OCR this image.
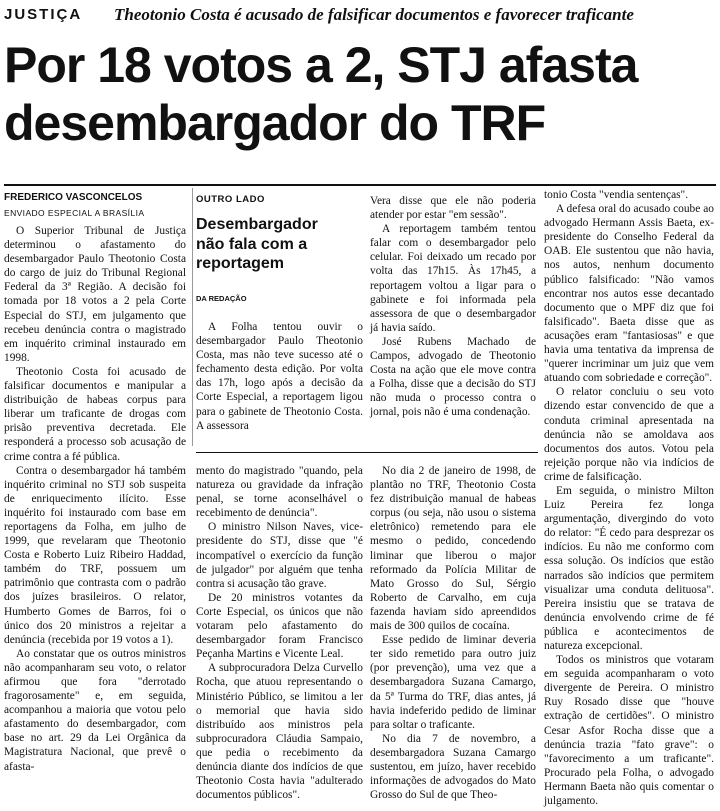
JUSTIÇA Theotonio Costa é acusado de falsificar documentos e favorecer traficante
Por 18 votos a 2, STJ afasta
desembargador do TRF
FREDERICO VASCONCELOS
ENVIADO ESPECIAL A BRASÍLIA
OUTRO LADO
Desembargador não fala com a reportagem
DA REDAÇÃO

O Superior Tribunal de Justiça determinou o afastamento do desembargador Paulo Theotonio Costa do cargo de juiz do Tribunal Regional Federal da 3ª Região. A decisão foi tomada por 18 votos a 2 pela Corte Especial do STJ, em julgamento que recebeu denúncia contra o magistrado em inquérito criminal instaurado em 1998.

Theotonio Costa foi acusado de falsificar documentos e manipular a distribuição de habeas corpus para liberar um traficante de drogas com prisão preventiva decretada. Ele responderá a processo sob acusação de crime contra a fé pública.

Contra o desembargador há também inquérito criminal no STJ sob suspeita de enriquecimento ilícito. Esse inquérito foi instaurado com base em reportagens da Folha, em julho de 1999, que revelaram que Theotonio Costa e Roberto Luiz Ribeiro Haddad, também do TRF, possuem um patrimônio que contrasta com o padrão dos juízes brasileiros. O relator, Humberto Gomes de Barros, foi o único dos 20 ministros a rejeitar a denúncia (recebida por 19 votos a 1).

Ao constatar que os outros ministros não acompanharam seu voto, o relator afirmou que fora "derrotado fragorosamente" e, em seguida, acompanhou a maioria que votou pelo afastamento do desembargador, com base no art. 29 da Lei Orgânica da Magistratura Nacional, que prevê o afasta-

A Folha tentou ouvir o desembargador Paulo Theotonio Costa, mas não teve sucesso até o fechamento desta edição. Por volta das 17h, logo após a decisão da Corte Especial, a reportagem ligou para o gabinete de Theotonio Costa. A assessora

Vera disse que ele não poderia atender por estar "em sessão".

A reportagem também tentou falar com o desembargador pelo celular. Foi deixado um recado por volta das 17h15. Às 17h45, a reportagem voltou a ligar para o gabinete e foi informada pela assessora de que o desembargador já havia saído.

José Rubens Machado de Campos, advogado de Theotonio Costa na ação que ele move contra a Folha, disse que a decisão do STJ não muda o processo contra o jornal, pois não é uma condenação.

mento do magistrado "quando, pela natureza ou gravidade da infração penal, se torne aconselhável o recebimento de denúncia".

O ministro Nilson Naves, vice-presidente do STJ, disse que "é incompatível o exercício da função de julgador" por alguém que tenha contra si acusação tão grave.

De 20 ministros votantes da Corte Especial, os únicos que não votaram pelo afastamento do desembargador foram Francisco Peçanha Martins e Vicente Leal.

A subprocuradora Delza Curvello Rocha, que atuou representando o Ministério Público, se limitou a ler o memorial que havia sido distribuído aos ministros pela subprocuradora Cláudia Sampaio, que pedia o recebimento da denúncia diante dos indícios de que Theotonio Costa havia "adulterado documentos públicos".

No dia 2 de janeiro de 1998, de plantão no TRF, Theotonio Costa fez distribuição manual de habeas corpus (ou seja, não usou o sistema eletrônico) remetendo para ele mesmo o pedido, concedendo liminar que liberou o major reformado da Polícia Militar de Mato Grosso do Sul, Sérgio Roberto de Carvalho, em cuja fazenda haviam sido apreendidos mais de 300 quilos de cocaína.

Esse pedido de liminar deveria ter sido remetido para outro juiz (por prevenção), uma vez que a desembargadora Suzana Camargo, da 5ª Turma do TRF, dias antes, já havia indeferido pedido de liminar para soltar o traficante.

No dia 7 de novembro, a desembargadora Suzana Camargo sustentou, em juízo, haver recebido informações de advogados do Mato Grosso do Sul de que Theo-

tonio Costa "vendia sentenças".

A defesa oral do acusado coube ao advogado Hermann Assis Baeta, ex-presidente do Conselho Federal da OAB. Ele sustentou que não havia, nos autos, nenhum documento público falsificado: "Não vamos encontrar nos autos esse decantado documento que o MPF diz que foi falsificado". Baeta disse que as acusações eram "fantasiosas" e que havia uma tentativa da imprensa de "querer incriminar um juiz que vem atuando com sobriedade e correção".

O relator concluiu o seu voto dizendo estar convencido de que a conduta criminal apresentada na denúncia não se amoldava aos documentos dos autos. Votou pela rejeição porque não via indícios de crime de falsificação.

Em seguida, o ministro Milton Luiz Pereira fez longa argumentação, divergindo do voto do relator: "É cedo para desprezar os indícios. Eu não me conformo com essa solução. Os indícios que estão narrados são indícios que permitem visualizar uma conduta delituosa". Pereira insistiu que se tratava de denúncia envolvendo crime de fé pública e acontecimentos de natureza excepcional.

Todos os ministros que votaram em seguida acompanharam o voto divergente de Pereira. O ministro Ruy Rosado disse que "houve extração de certidões". O ministro Cesar Asfor Rocha disse que a denúncia trazia "fato grave": o "favorecimento a um traficante". Procurado pela Folha, o advogado Hermann Baeta não quis comentar o julgamento.
